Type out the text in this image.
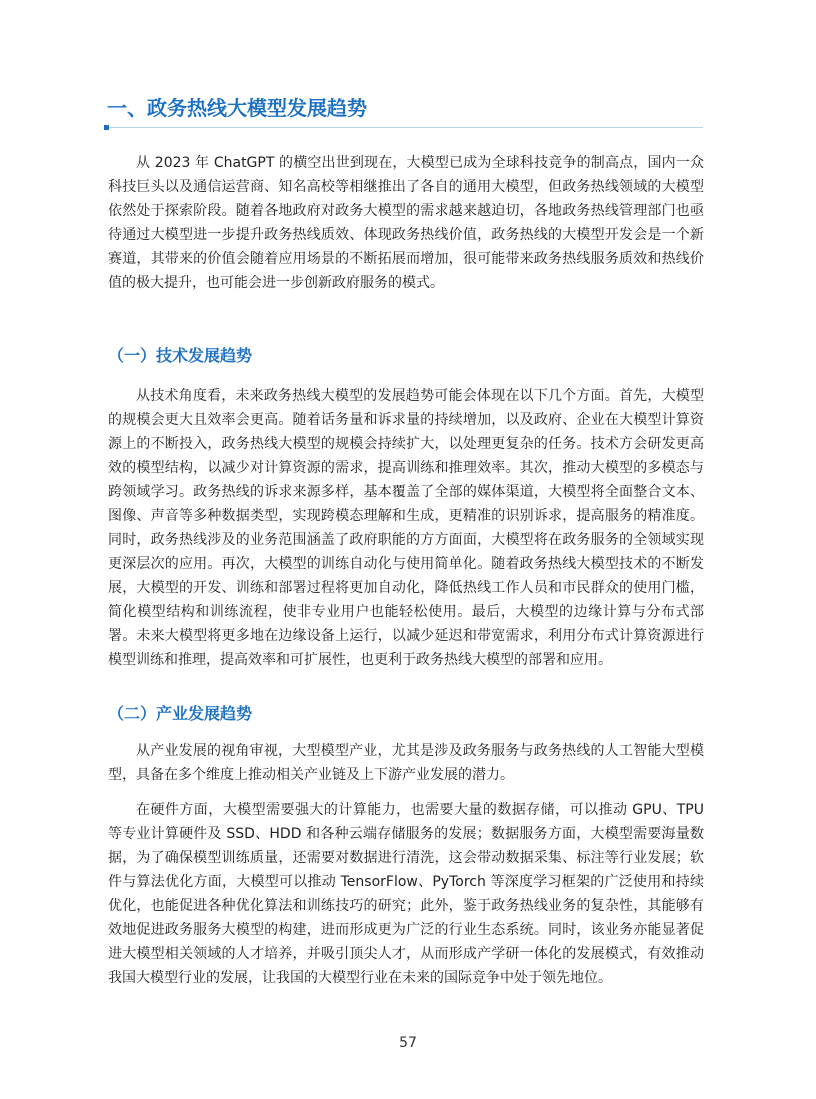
一、政务热线大模型发展趋势

从 2023 年 ChatGPT 的横空出世到现在，大模型已成为全球科技竞争的制高点，国内一众科技巨头以及通信运营商、知名高校等相继推出了各自的通用大模型，但政务热线领域的大模型依然处于探索阶段。随着各地政府对政务大模型的需求越来越迫切，各地政务热线管理部门也亟待通过大模型进一步提升政务热线质效、体现政务热线价值，政务热线的大模型开发会是一个新赛道，其带来的价值会随着应用场景的不断拓展而增加，很可能带来政务热线服务质效和热线价值的极大提升，也可能会进一步创新政府服务的模式。

（一）技术发展趋势

从技术角度看，未来政务热线大模型的发展趋势可能会体现在以下几个方面。首先，大模型的规模会更大且效率会更高。随着话务量和诉求量的持续增加，以及政府、企业在大模型计算资源上的不断投入，政务热线大模型的规模会持续扩大，以处理更复杂的任务。技术方会研发更高效的模型结构，以减少对计算资源的需求，提高训练和推理效率。其次，推动大模型的多模态与跨领域学习。政务热线的诉求来源多样，基本覆盖了全部的媒体渠道，大模型将全面整合文本、图像、声音等多种数据类型，实现跨模态理解和生成，更精准的识别诉求，提高服务的精准度。同时，政务热线涉及的业务范围涵盖了政府职能的方方面面，大模型将在政务服务的全领域实现更深层次的应用。再次，大模型的训练自动化与使用简单化。随着政务热线大模型技术的不断发展，大模型的开发、训练和部署过程将更加自动化，降低热线工作人员和市民群众的使用门槛，简化模型结构和训练流程，使非专业用户也能轻松使用。最后，大模型的边缘计算与分布式部署。未来大模型将更多地在边缘设备上运行，以减少延迟和带宽需求，利用分布式计算资源进行模型训练和推理，提高效率和可扩展性，也更利于政务热线大模型的部署和应用。

（二）产业发展趋势

从产业发展的视角审视，大型模型产业，尤其是涉及政务服务与政务热线的人工智能大型模型，具备在多个维度上推动相关产业链及上下游产业发展的潜力。

在硬件方面，大模型需要强大的计算能力，也需要大量的数据存储，可以推动 GPU、TPU 等专业计算硬件及 SSD、HDD 和各种云端存储服务的发展；数据服务方面，大模型需要海量数据，为了确保模型训练质量，还需要对数据进行清洗，这会带动数据采集、标注等行业发展；软件与算法优化方面，大模型可以推动 TensorFlow、PyTorch 等深度学习框架的广泛使用和持续优化，也能促进各种优化算法和训练技巧的研究；此外，鉴于政务热线业务的复杂性，其能够有效地促进政务服务大模型的构建，进而形成更为广泛的行业生态系统。同时，该业务亦能显著促进大模型相关领域的人才培养，并吸引顶尖人才，从而形成产学研一体化的发展模式，有效推动我国大模型行业的发展，让我国的大模型行业在未来的国际竞争中处于领先地位。

57
